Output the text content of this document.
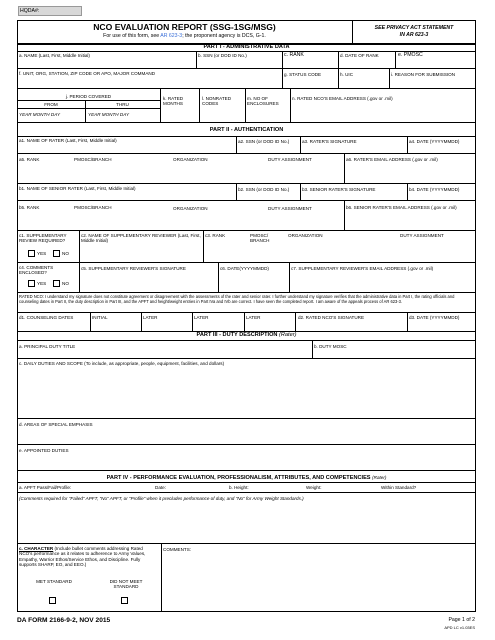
HQDA#:
NCO EVALUATION REPORT (SSG-1SG/MSG)
For use of this form, see AR 623-3; the proponent agency is DCS, G-1.
SEE PRIVACY ACT STATEMENT
IN AR 623-3
PART I - ADMINISTRATIVE DATA
a. NAME (Last, First, Middle Initial)	b. SSN (or DOD ID No.)	c. RANK	d. DATE OF RANK	e. PMOSC
f. UNIT, ORG, STATION, ZIP CODE OR APO, MAJOR COMMAND	g. STATUS CODE	h. UIC	i. REASON FOR SUBMISSION
j. PERIOD COVERED
FROM	THRU
YEAR MONTH DAY	YEAR MONTH DAY
k. RATED MONTHS
l. NONRATED CODES
m. NO OF ENCLOSURES
n. RATED NCO'S EMAIL ADDRESS (.gov or .mil)
PART II - AUTHENTICATION
a1. NAME OF RATER (Last, First, Middle Initial)	a2. SSN (or DOD ID No.)	a3. RATER'S SIGNATURE	a4. DATE (YYYYMMDD)
a5. RANK	PMOSC/BRANCH	ORGANIZATION	DUTY ASSIGNMENT	a6. RATER'S EMAIL ADDRESS (.gov or .mil)
b1. NAME OF SENIOR RATER (Last, First, Middle Initial)	b2. SSN (or DOD ID No.)	b3. SENIOR RATER'S SIGNATURE	b4. DATE (YYYYMMDD)
b5. RANK	PMOSC/BRANCH	ORGANIZATION	DUTY ASSIGNMENT	b6. SENIOR RATER'S EMAIL ADDRESS (.gov or .mil)
c1. SUPPLEMENTARY REVIEW REQUIRED?
YES	NO
c2. NAME OF SUPPLEMENTARY REVIEWER (Last, First, Middle Initial)
c3. RANK	PMOSC/ BRANCH
ORGANIZATION	DUTY ASSIGNMENT
c4. COMMENTS ENCLOSED?
YES	NO
c5. SUPPLEMENTARY REVIEWER'S SIGNATURE	c6. DATE(YYYYMMDD)	c7. SUPPLEMENTARY REVIEWER'S EMAIL ADDRESS (.gov or .mil)
RATED NCO: I understand my signature does not constitute agreement or disagreement with the assessments of the rater and senior rater. I further understand my signature verifies that the administrative data in Part I, the rating officials and counseling dates in Part II, the duty description in Part III, and the APFT and height/weight entries in Part IVa and IVb are correct. I have seen the completed report. I am aware of the appeals process of AR 623-3.
d1. COUNSELING DATES	INITIAL	LATER	LATER	LATER	d2. RATED NCO'S SIGNATURE	d3. DATE (YYYYMMDD)
PART III - DUTY DESCRIPTION (Rater)
a. PRINCIPAL DUTY TITLE	b. DUTY MOSC
c. DAILY DUTIES AND SCOPE (To include, as appropriate, people, equipment, facilities, and dollars)
d. AREAS OF SPECIAL EMPHASIS
e. APPOINTED DUTIES
PART IV - PERFORMANCE EVALUATION, PROFESSIONALISM, ATTRIBUTES, AND COMPETENCIES (Rater)
a. APFT Pass/Fail/Profile:	Date:	b. Height:	Weight:	Within Standard?
(Comments required for "Failed" APFT, "No" APFT, or "Profile" when it precludes performance of duty, and "No" for Army Weight Standards.)
c. CHARACTER (Include bullet comments addressing Rated NCO's performance as it relates to adherence to Army Values, Empathy, Warrior Ethos/Service Ethos, and Discipline. Fully supports SHARP, EO, and EEO.)
COMMENTS:
MET STANDARD	DID NOT MEET STANDARD
DA FORM 2166-9-2, NOV 2015	Page 1 of 2
APD LC v1.03ES
